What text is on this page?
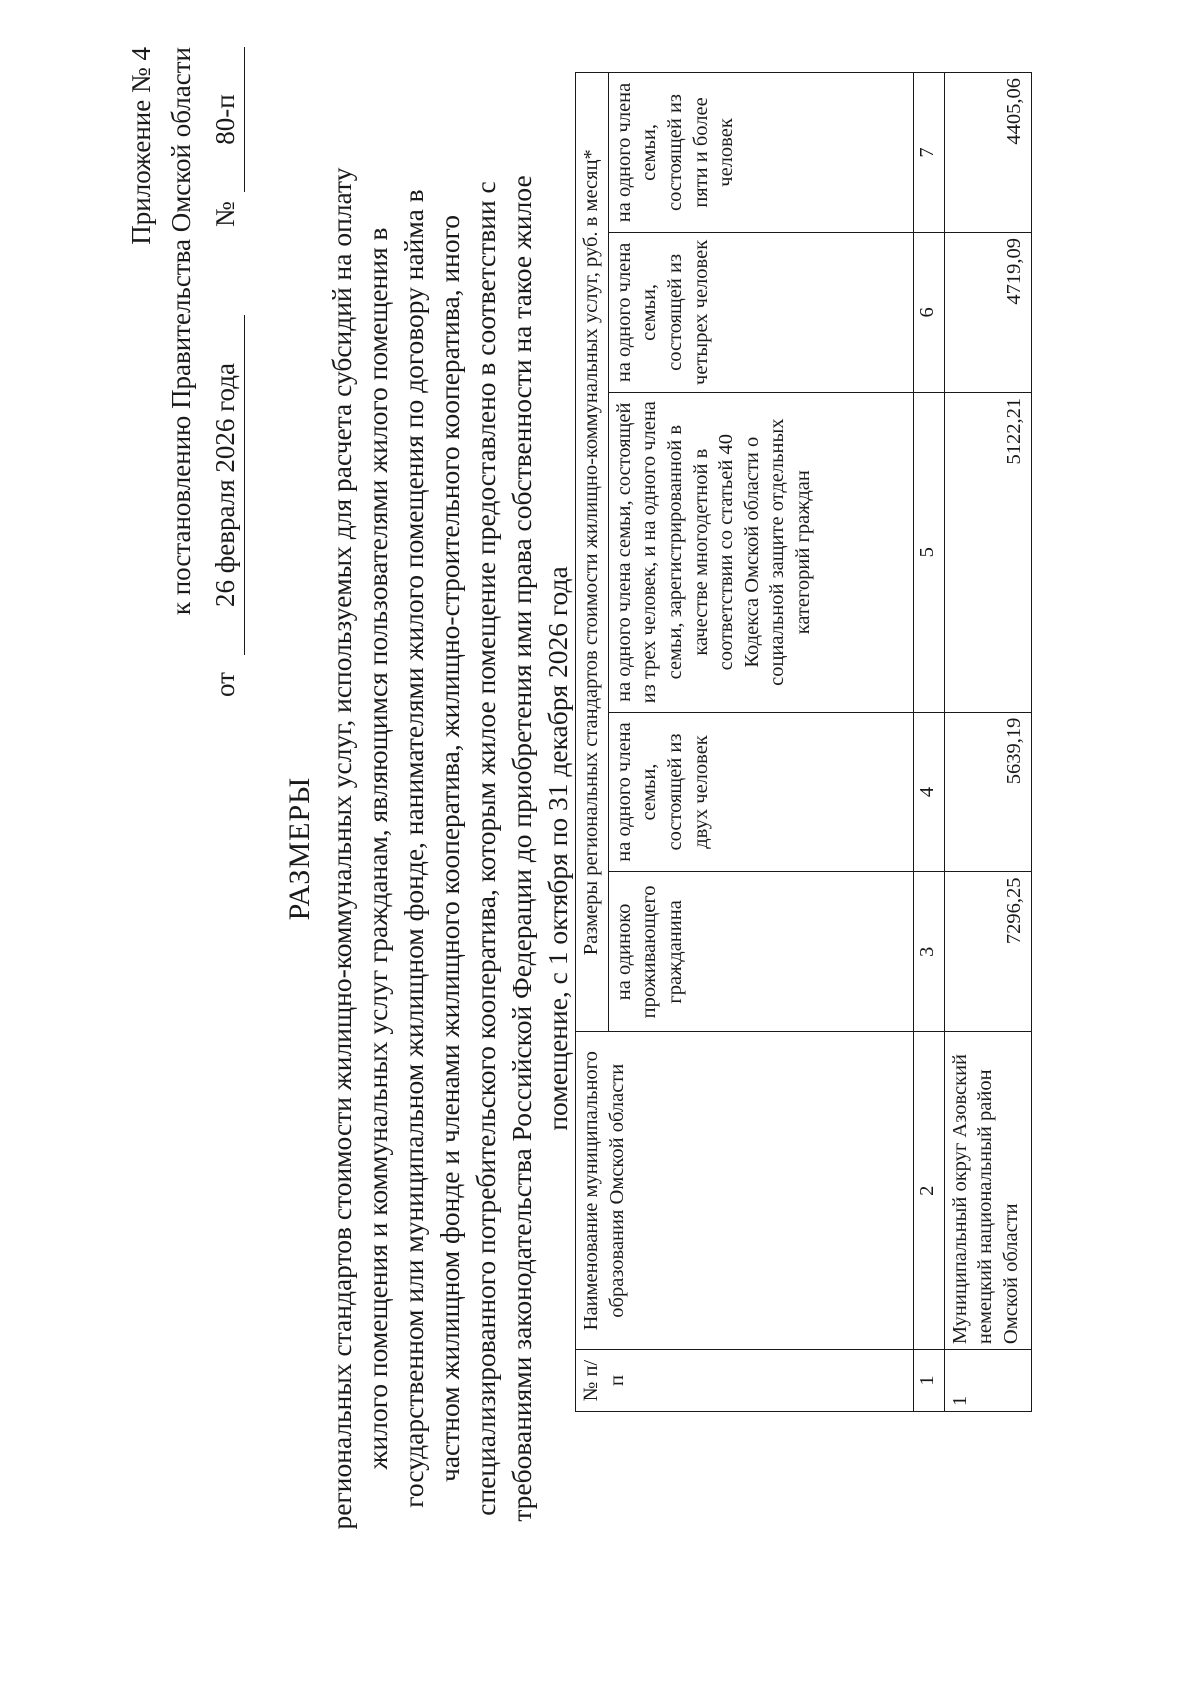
Приложение № 4 к постановлению Правительства Омской области
от
26 февраля 2026 года
№
80-п
РАЗМЕРЫ региональных стандартов стоимости жилищно-коммунальных услуг, используемых для расчета субсидий на оплату жилого помещения и коммунальных услуг гражданам, являющимся пользователями жилого помещения в государственном или муниципальном жилищном фонде, нанимателями жилого помещения по договору найма в частном жилищном фонде и членами жилищного кооператива, жилищно-строительного кооператива, иного специализированного потребительского кооператива, которым жилое помещение предоставлено в соответствии с требованиями законодательства Российской Федерации до приобретения ими права собственности на такое жилое помещение, с 1 октября по 31 декабря 2026 года
№ п/п	Наименование муниципального образования Омской области	Размеры региональных стандартов стоимости жилищно-коммунальных услуг, руб. в месяц*				
		на одиноко проживающего гражданина	на одного члена семьи, состоящей из двух человек	на одного члена семьи, состоящей из трех человек, и на одного члена семьи, зарегистрированной в качестве многодетной в соответствии со статьей 40 Кодекса Омской области о социальной защите отдельных категорий граждан	на одного члена семьи, состоящей из четырех человек	на одного члена семьи, состоящей из пяти и более человек
1	2	3	4	5	6	7
1	Муниципальный округ Азовский немецкий национальный район Омской области	7296,25	5639,19	5122,21	4719,09	4405,06
